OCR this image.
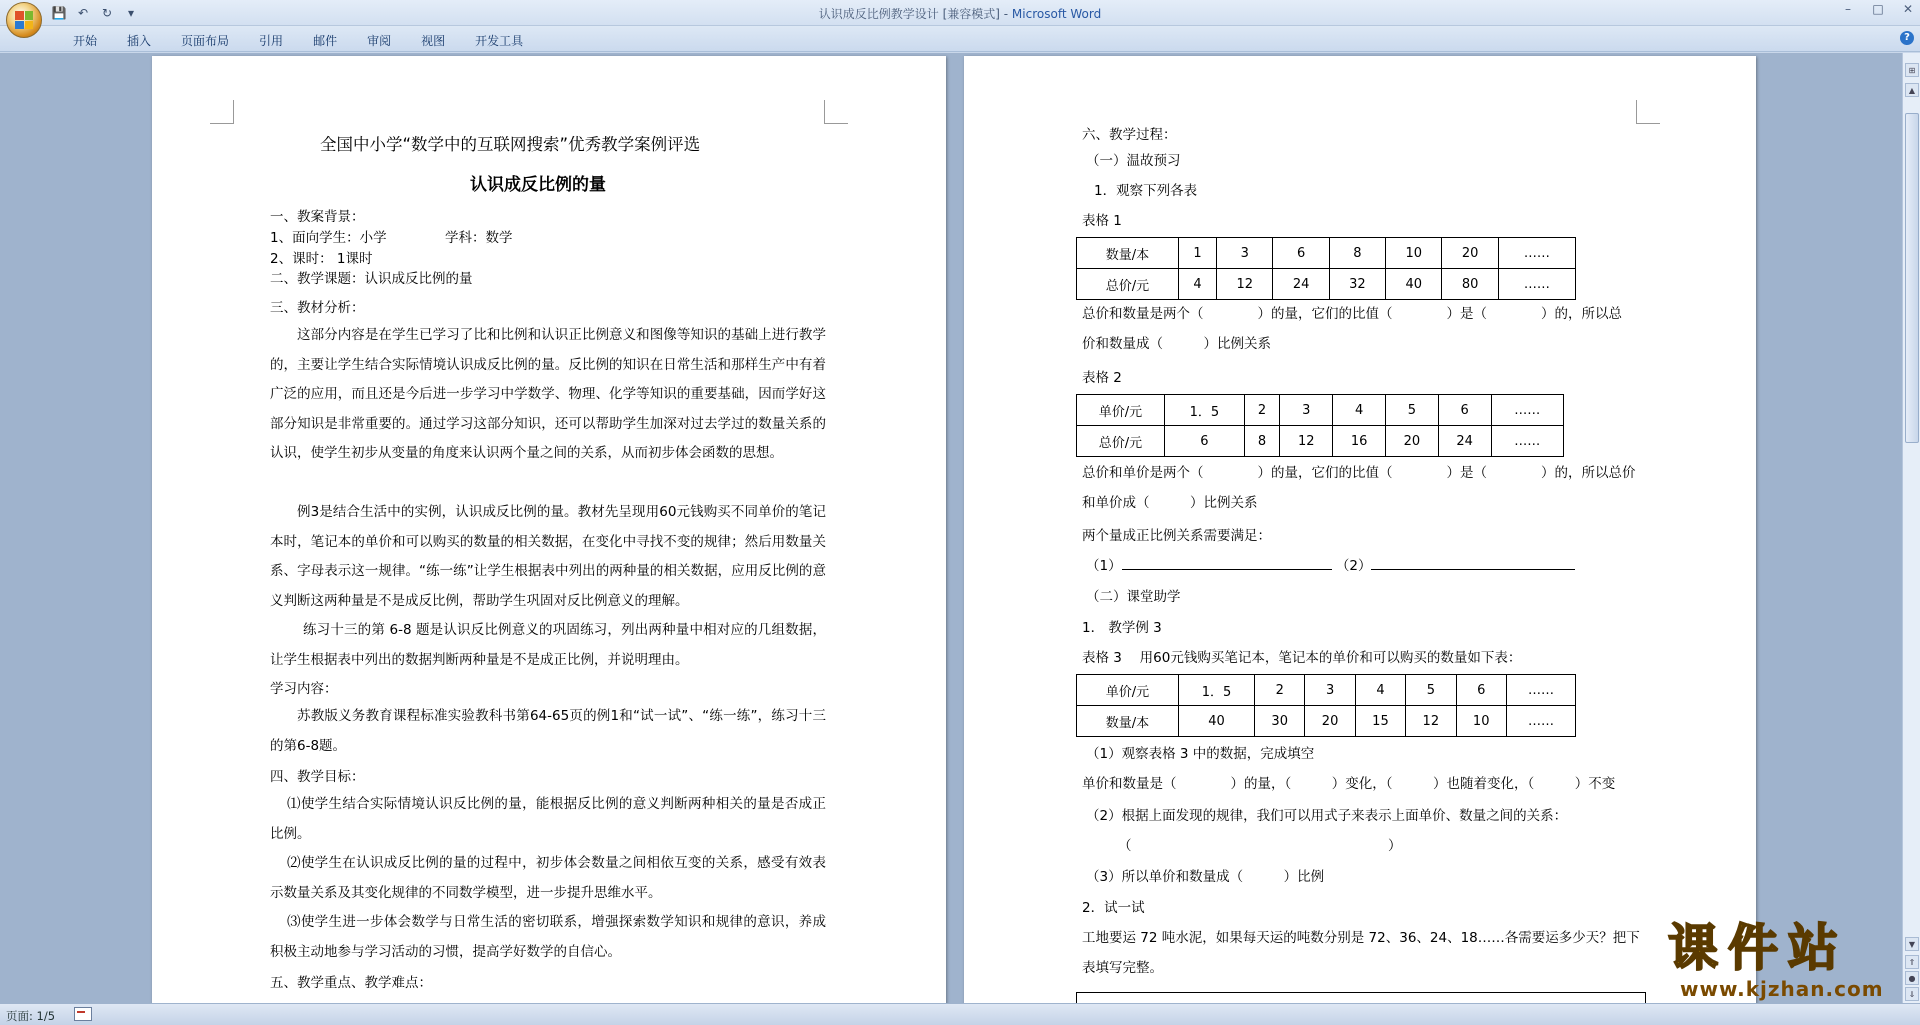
💾 ↶	↻	▾	认识成反比例教学设计 [兼容模式] - Microsoft Word	–	□ ✕
开始	插入	页面布局	引用	邮件	审阅	视图	开发工具	?
全国中小学“数学中的互联网搜索”优秀教学案例评选
认识成反比例的量
一、教案背景：
1、面向学生：小学	学科：数学
2、课时： 1课时
二、教学课题：认识成反比例的量
三、教材分析：
这部分内容是在学生已学习了比和比例和认识正比例意义和图像等知识的基础上进行教学的，主要让学生结合实际情境认识成反比例的量。反比例的知识在日常生活和那样生产中有着广泛的应用，而且还是今后进一步学习中学数学、物理、化学等知识的重要基础，因而学好这部分知识是非常重要的。通过学习这部分知识，还可以帮助学生加深对过去学过的数量关系的认识，使学生初步从变量的角度来认识两个量之间的关系，从而初步体会函数的思想。
例3是结合生活中的实例，认识成反比例的量。教材先呈现用60元钱购买不同单价的笔记本时，笔记本的单价和可以购买的数量的相关数据，在变化中寻找不变的规律；然后用数量关系、字母表示这一规律。“练一练”让学生根据表中列出的两种量的相关数据，应用反比例的意义判断这两种量是不是成反比例，帮助学生巩固对反比例意义的理解。
练习十三的第 6-8 题是认识反比例意义的巩固练习，列出两种量中相对应的几组数据，让学生根据表中列出的数据判断两种量是不是成正比例，并说明理由。
学习内容：
苏教版义务教育课程标准实验教科书第64-65页的例1和“试一试”、“练一练”，练习十三的第6-8题。
四、教学目标：
⑴使学生结合实际情境认识反比例的量，能根据反比例的意义判断两种相关的量是否成正比例。
⑵使学生在认识成反比例的量的过程中，初步体会数量之间相依互变的关系，感受有效表示数量关系及其变化规律的不同数学模型，进一步提升思维水平。
⑶使学生进一步体会数学与日常生活的密切联系，增强探索数学知识和规律的意识，养成积极主动地参与学习活动的习惯，提高学好数学的自信心。
五、教学重点、教学难点：
六、教学过程：
（一）温故预习
1．观察下列各表
表格 1
数量/本	1	3	6	8	10	20	……
总价/元	4	12	24	32	40	80	……
总价和数量是两个（　　　　）的量，它们的比值（　　　　）是（　　　　）的，所以总
价和数量成（　　　）比例关系
表格 2
单价/元	1．5	2	3	4	5	6	……
总价/元	6	8	12	16	20	24	……
总价和单价是两个（　　　　）的量，它们的比值（　　　　）是（　　　　）的，所以总价
和单价成（　　　）比例关系
两个量成正比例关系需要满足：
（1）	（2）
（二）课堂助学
1． 教学例 3
表格 3　 用60元钱购买笔记本，笔记本的单价和可以购买的数量如下表：
单价/元	1．5	2	3	4	5	6	……
数量/本	40	30	20	15	12	10	……
（1）观察表格 3 中的数据，完成填空
单价和数量是（　　　　）的量，（　　　）变化，（　　　）也随着变化，（　　　）不变
（2）根据上面发现的规律，我们可以用式子来表示上面单价、数量之间的关系：
（　　　　　　　　　　　　　　　　　　　）
（3）所以单价和数量成（　　　）比例
2．试一试
工地要运 72 吨水泥，如果每天运的吨数分别是 72、36、24、18……各需要运多少天？把下
表填写完整。
⊞
▲
▼
⇑
●
⇓
页面: 1/5
课件站
www.kjzhan.com
